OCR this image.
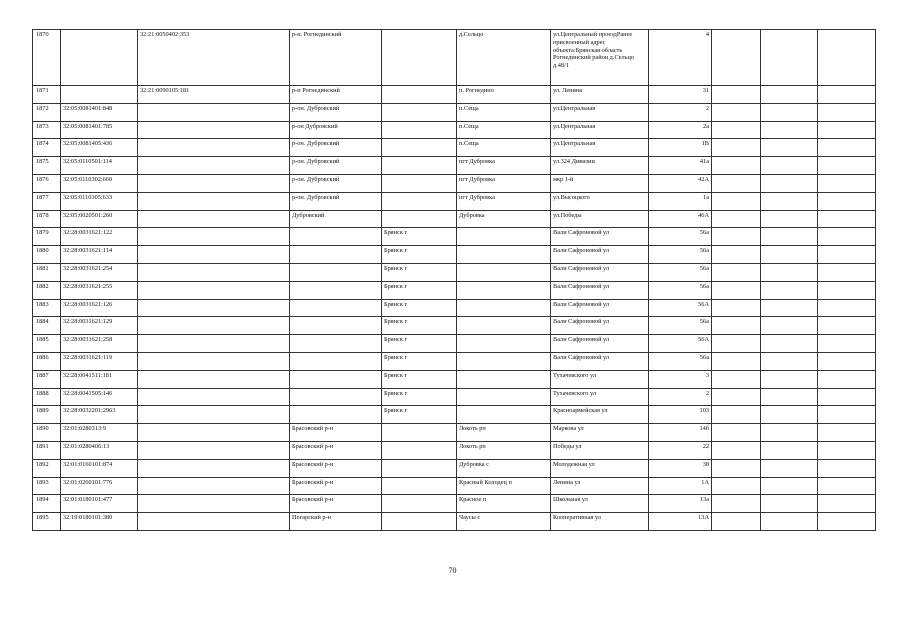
1870		32:21:0050402:353	р-н. Рогнединский		д.Сельцо	ул.Центральный проездРанее присвоенный адрес объекта:Брянская область Рогнединский район д.Сельцо д.48/1	4			
1871		32:21:0090105:181	р-н Рогнединский		п. Рогнедино	ул. Ленина	31			
1872	32:05:0081401:848		р-он. Дубровский		п.Сеща	ул.Центральная	2			
1873	32:05:0081401:785		р-он Дубровский		п.Сеща	ул.Центральная	2а			
1874	32:05:0081405:436		р-он. Дубровский		п.Сеща	ул.Центральная	1В			
1875	32:05:0110501:114		р-он. Дубровский		пгт Дубровка	ул.324 Дивизии	41а			
1876	32:05:0110302:660		р-он. Дубровский		пгт Дубровка	мкр 1-й	42А			
1877	32:05:0110305:633		р-он. Дубровский		пгт Дубровка	ул.Высоцкого	1а			
1878	32:05:0020501:260		Дубровский		Дубровка	ул.Победы	46А			
1879	32:28:0031621:122			Брянск г		Вали Сафроновой ул	56а			
1880	32:28:0031621:114			Брянск г		Вали Сафроновой ул	56а			
1881	32:28:0031621:254			Брянск г		Вали Сафроновой ул	56а			
1882	32:28:0031621:255			Брянск г		Вали Сафроновой ул	56а			
1883	32:28:0031621:126			Брянск г		Вали Сафроновой ул	56А			
1884	32:28:0031621:129			Брянск г		Вали Сафроновой ул	56а			
1885	32:28:0031621:258			Брянск г		Вали Сафроновой ул	56А			
1886	32:28:0031621:119			Брянск г		Вали Сафроновой ул	56а			
1887	32:28:0041511:181			Брянск г		Тухачевского ул	3			
1888	32:28:0041505:146			Брянск г		Тухачевского ул	2			
1889	32:28:0032201:2963			Брянск г		Красноармейская ул	103			
1890	32:01:0280313:9		Брасовский р-н		Локоть рп	Маркова ул	14б			
1891	32:01:0280406:13		Брасовский р-н		Локоть рп	Победы ул	22			
1892	32:01:0160101:874		Брасовский р-н		Дубровка с	Молодежная ул	38			
1893	32:01:0260101:776		Брасовский р-н		Красный Колодец п	Ленина ул	1А			
1894	32:01:0180101:477		Брасовский р-н		Красное п	Школьная ул	13а			
1895	32:19:0180101:380		Погарский р-н		Чаусы с	Кооперативная ул	13А			
70
